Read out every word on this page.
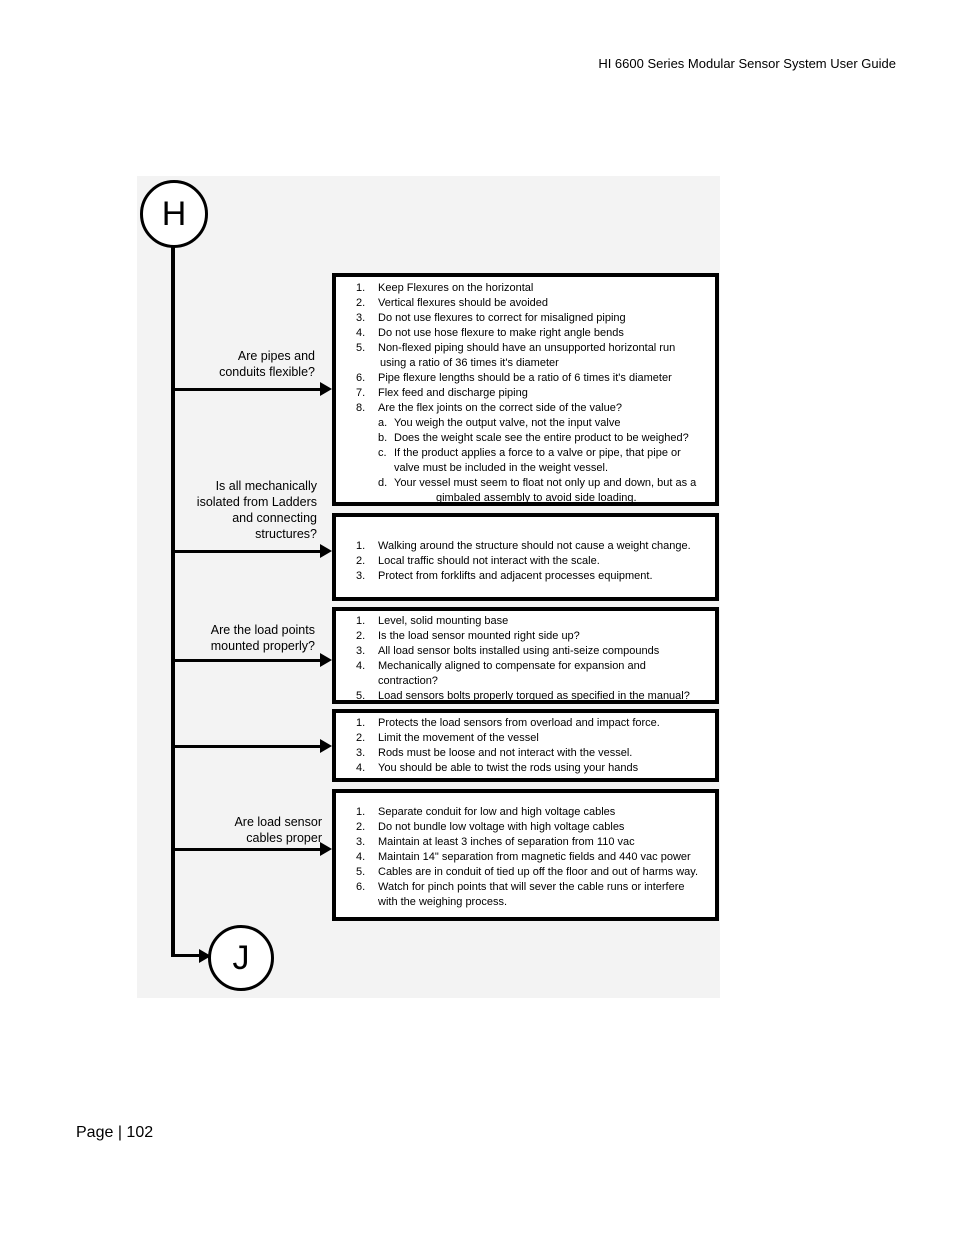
HI 6600 Series Modular Sensor System User Guide
H
J
Are pipes and conduits flexible?
Is all mechanically isolated from Ladders and connecting structures?
Are the load points mounted properly?
Are load sensor cables proper
1. Keep Flexures on the horizontal
2. Vertical flexures should be avoided
3. Do not use flexures to correct for misaligned piping
4. Do not use hose flexure to make right angle bends
5. Non-flexed piping should have an unsupported horizontal run
using a ratio of 36 times it's diameter
6. Pipe flexure lengths should be a ratio of 6 times it's diameter
7. Flex feed and discharge piping
8. Are the flex joints on the correct side of the value?
a. You weigh the output valve, not the input valve
b. Does the weight scale see the entire product to be weighed?
c. If the product applies a force to a valve or pipe, that pipe or
valve must be included in the weight vessel.
d. Your vessel must seem to float not only up and down, but as a
gimbaled assembly to avoid side loading.
1. Walking around the structure should not cause a weight change.
2. Local traffic should not interact with the scale.
3. Protect from forklifts and adjacent processes equipment.
1. Level, solid mounting base
2. Is the load sensor mounted right side up?
3. All load sensor bolts installed using anti-seize compounds
4. Mechanically aligned to compensate for expansion and
contraction?
5. Load sensors bolts properly torqued as specified in the manual?
1. Protects the load sensors from overload and impact force.
2. Limit the movement of the vessel
3. Rods must be loose and not interact with the vessel.
4. You should be able to twist the rods using your hands
1. Separate conduit for low and high voltage cables
2. Do not bundle low voltage with high voltage cables
3. Maintain at least 3 inches of separation from 110 vac
4. Maintain 14" separation from magnetic fields and 440 vac power
5. Cables are in conduit of tied up off the floor and out of harms way.
6. Watch for pinch points that will sever the cable runs or interfere
with the weighing process.
Page | 102
